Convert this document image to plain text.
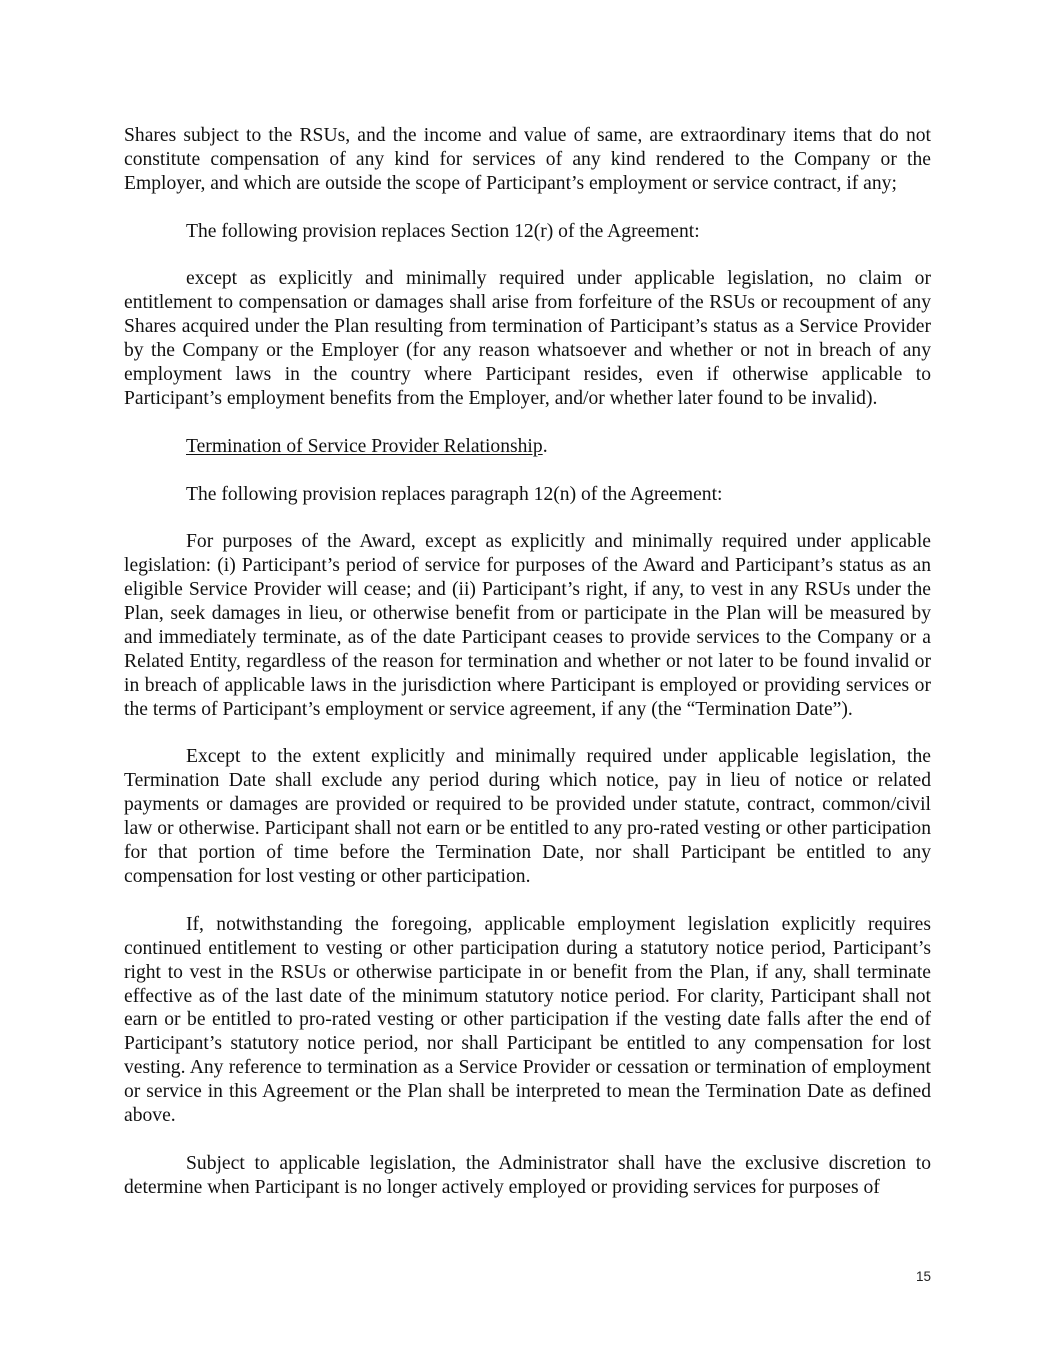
Shares subject to the RSUs, and the income and value of same, are extraordinary items that do not constitute compensation of any kind for services of any kind rendered to the Company or the Employer, and which are outside the scope of Participant’s employment or service contract, if any;

The following provision replaces Section 12(r) of the Agreement:

except as explicitly and minimally required under applicable legislation, no claim or entitlement to compensation or damages shall arise from forfeiture of the RSUs or recoupment of any Shares acquired under the Plan resulting from termination of Participant’s status as a Service Provider by the Company or the Employer (for any reason whatsoever and whether or not in breach of any employment laws in the country where Participant resides, even if otherwise applicable to Participant’s employment benefits from the Employer, and/or whether later found to be invalid).

Termination of Service Provider Relationship.

The following provision replaces paragraph 12(n) of the Agreement:

For purposes of the Award, except as explicitly and minimally required under applicable legislation: (i) Participant’s period of service for purposes of the Award and Participant’s status as an eligible Service Provider will cease; and (ii) Participant’s right, if any, to vest in any RSUs under the Plan, seek damages in lieu, or otherwise benefit from or participate in the Plan will be measured by and immediately terminate, as of the date Participant ceases to provide services to the Company or a Related Entity, regardless of the reason for termination and whether or not later to be found invalid or in breach of applicable laws in the jurisdiction where Participant is employed or providing services or the terms of Participant’s employment or service agreement, if any (the “Termination Date”).

Except to the extent explicitly and minimally required under applicable legislation, the Termination Date shall exclude any period during which notice, pay in lieu of notice or related payments or damages are provided or required to be provided under statute, contract, common/civil law or otherwise. Participant shall not earn or be entitled to any pro-rated vesting or other participation for that portion of time before the Termination Date, nor shall Participant be entitled to any compensation for lost vesting or other participation.

If, notwithstanding the foregoing, applicable employment legislation explicitly requires continued entitlement to vesting or other participation during a statutory notice period, Participant’s right to vest in the RSUs or otherwise participate in or benefit from the Plan, if any, shall terminate effective as of the last date of the minimum statutory notice period. For clarity, Participant shall not earn or be entitled to pro-rated vesting or other participation if the vesting date falls after the end of Participant’s statutory notice period, nor shall Participant be entitled to any compensation for lost vesting. Any reference to termination as a Service Provider or cessation or termination of employment or service in this Agreement or the Plan shall be interpreted to mean the Termination Date as defined above.

Subject to applicable legislation, the Administrator shall have the exclusive discretion to determine when Participant is no longer actively employed or providing services for purposes of

15
